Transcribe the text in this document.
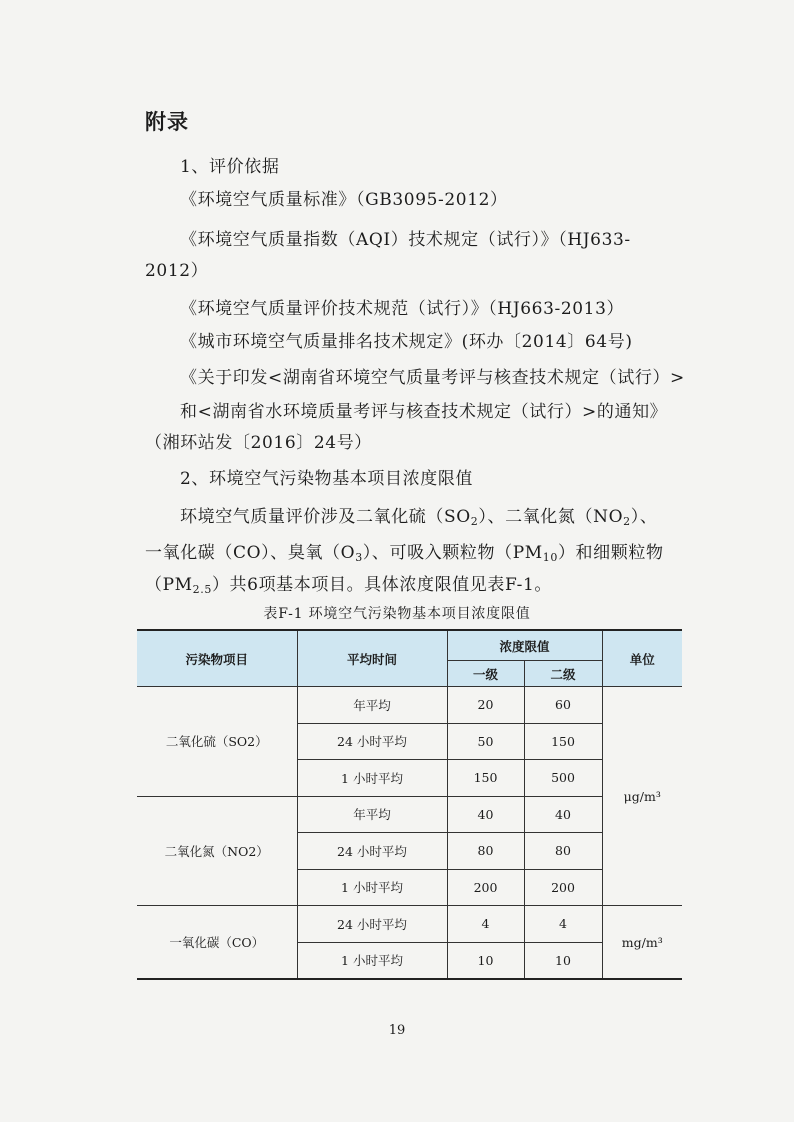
附录
1、评价依据
《环境空气质量标准》（GB3095-2012）
《环境空气质量指数（AQI）技术规定（试行）》（HJ633-
2012）
《环境空气质量评价技术规范（试行）》（HJ663-2013）
《城市环境空气质量排名技术规定》(环办〔2014〕64号)
《关于印发<湖南省环境空气质量考评与核查技术规定（试行）>
和<湖南省水环境质量考评与核查技术规定（试行）>的通知》
（湘环站发〔2016〕24号）
2、环境空气污染物基本项目浓度限值
环境空气质量评价涉及二氧化硫$(SO_2)$、二氧化氮$(NO_2)$、
一氧化碳（CO）、臭氧$(O_3)$、可吸入颗粒物$(PM_{10})$和细颗粒物
$(PM_{2.5})$共6项基本项目。具体浓度限值见表F-1。
表F-1 环境空气污染物基本项目浓度限值
污染物项目	平均时间	浓度限值		单位
		一级	二级	
二氧化硫（SO2）	年平均	20	60	μg/m³
	24 小时平均	50	150	
	1 小时平均	150	500	
二氧化氮（NO2）	年平均	40	40	
	24 小时平均	80	80	
	1 小时平均	200	200	
一氧化碳（CO）	24 小时平均	4	4	mg/m³
	1 小时平均	10	10	
19
